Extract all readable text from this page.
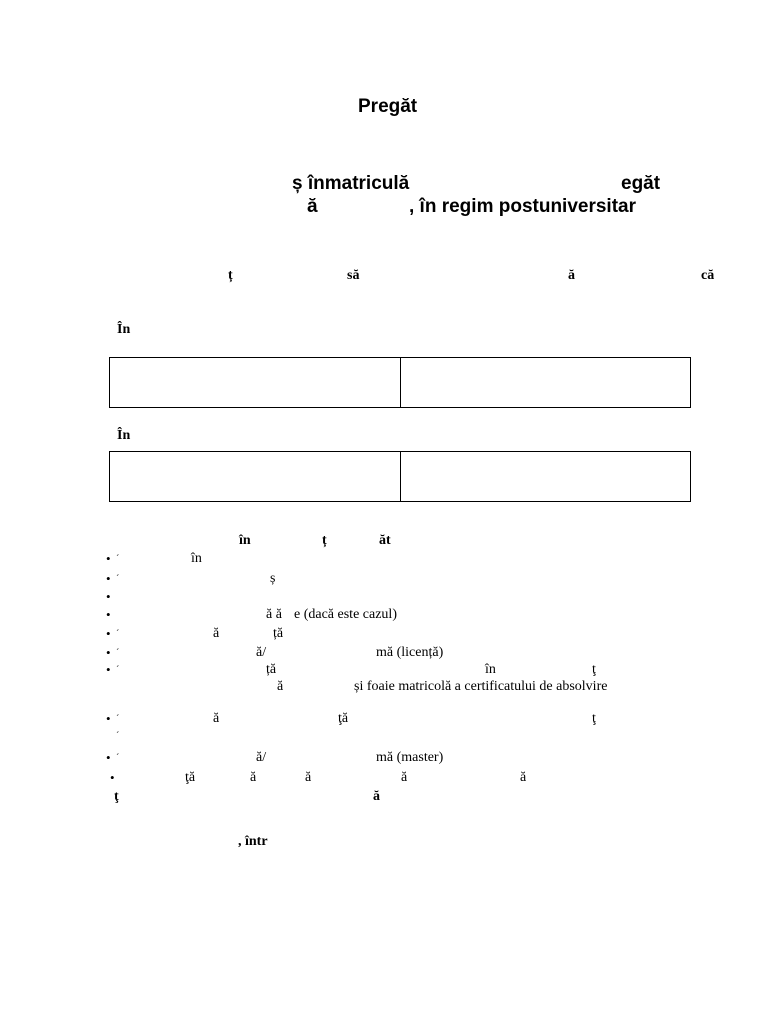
Pregăt
ș înmatriculă	egăt
ă	, în regim postuniversitar
ț	să	ă	că
În
În
în	ț	ăt
• ´	în
• ´	ș
•
•	ă ă e (dacă este cazul)
• ´	ă	ță
• ´	ă/	mă (licență)
• ´	ță	în	ţ
ă	și foaie matricolă a certificatului de absolvire
• ´
´
ă	ţă	ţ
• ´	ă/	mă (master)
•	ţă	ă	ă	ă	ă
ţ	ă
, într
